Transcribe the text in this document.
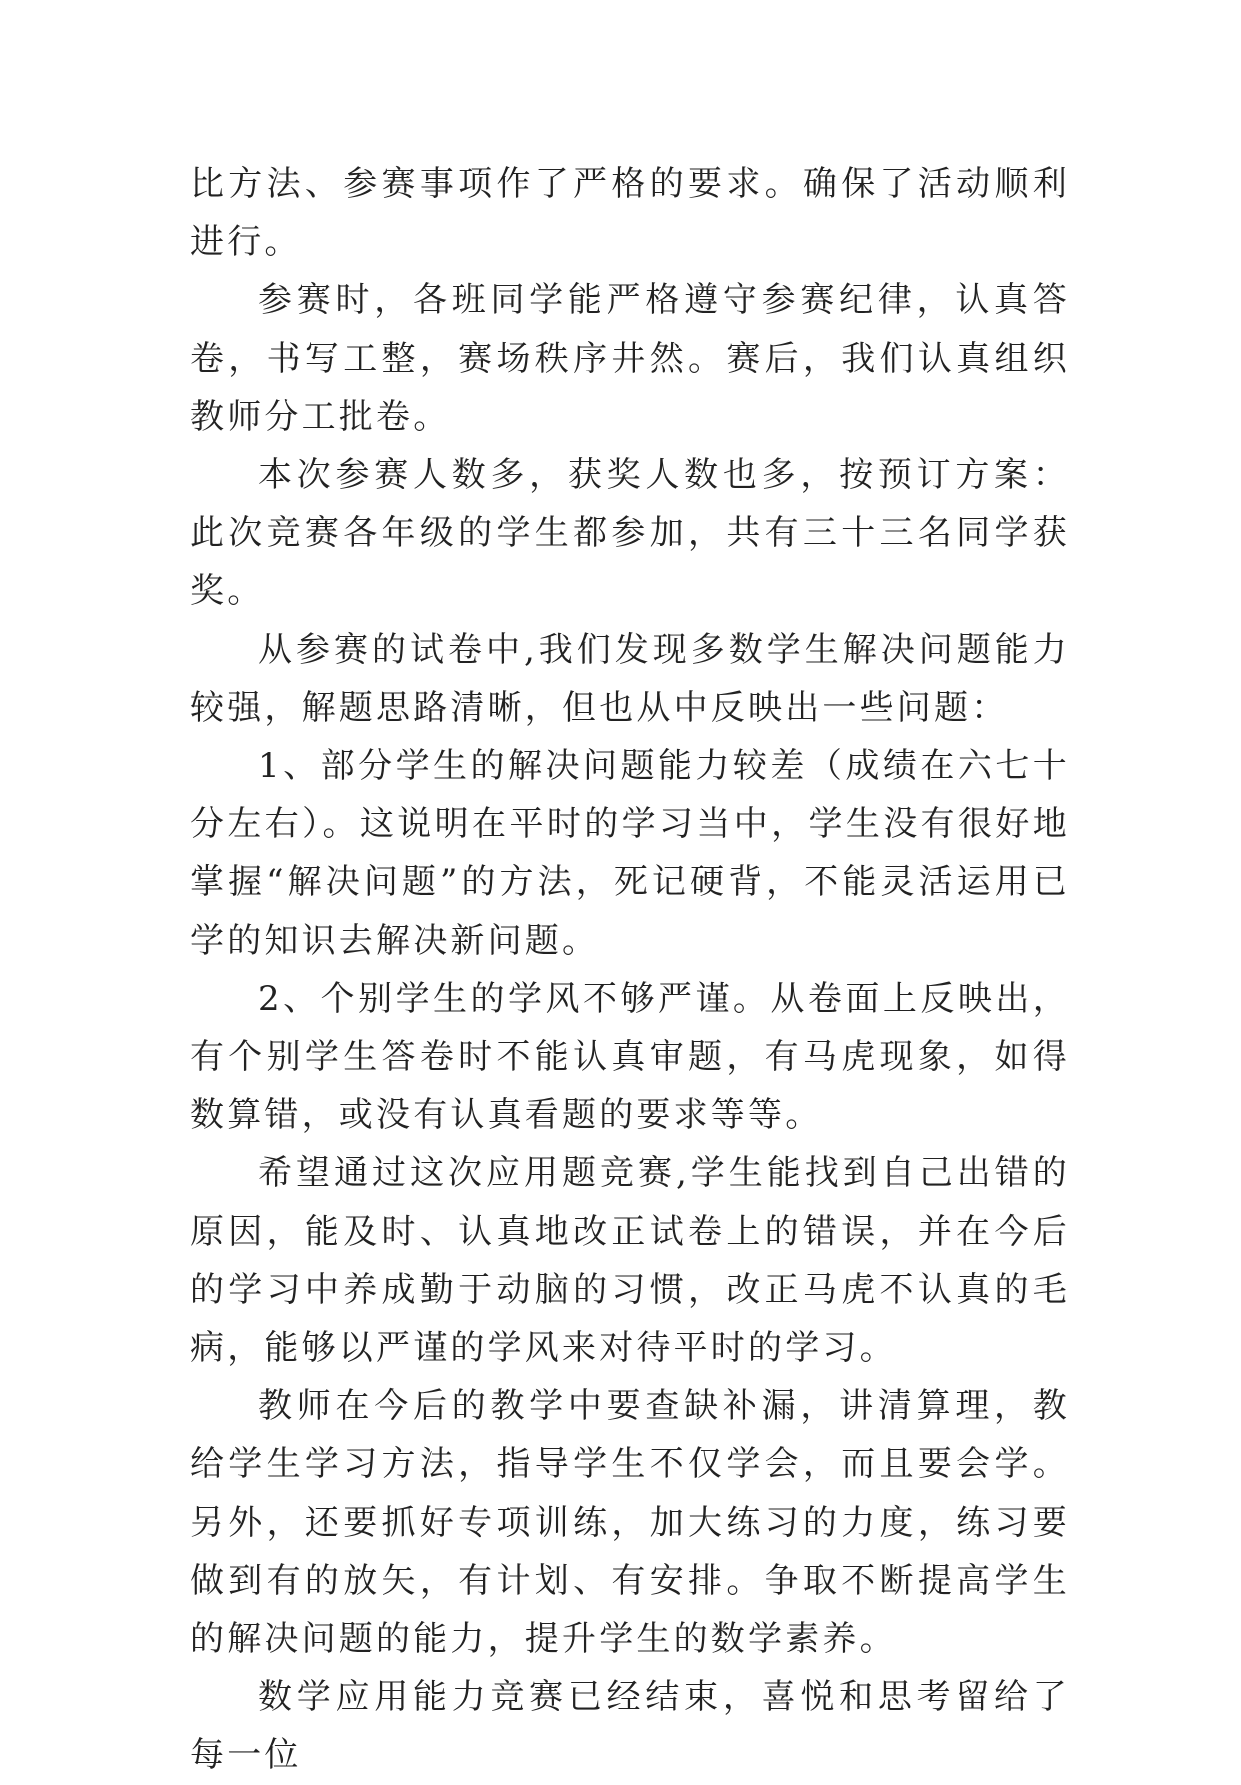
比方法、参赛事项作了严格的要求。确保了活动顺利进行。

参赛时，各班同学能严格遵守参赛纪律，认真答卷，书写工整，赛场秩序井然。赛后，我们认真组织教师分工批卷。

本次参赛人数多，获奖人数也多，按预订方案：此次竞赛各年级的学生都参加，共有三十三名同学获奖。

从参赛的试卷中,我们发现多数学生解决问题能力较强，解题思路清晰，但也从中反映出一些问题：

1、部分学生的解决问题能力较差（成绩在六七十分左右）。这说明在平时的学习当中，学生没有很好地掌握“解决问题”的方法，死记硬背，不能灵活运用已学的知识去解决新问题。

2、个别学生的学风不够严谨。从卷面上反映出，有个别学生答卷时不能认真审题，有马虎现象，如得数算错，或没有认真看题的要求等等。

希望通过这次应用题竞赛,学生能找到自己出错的原因，能及时、认真地改正试卷上的错误，并在今后的学习中养成勤于动脑的习惯，改正马虎不认真的毛病，能够以严谨的学风来对待平时的学习。

教师在今后的教学中要查缺补漏，讲清算理，教给学生学习方法，指导学生不仅学会，而且要会学。另外，还要抓好专项训练，加大练习的力度，练习要做到有的放矢，有计划、有安排。争取不断提高学生的解决问题的能力，提升学生的数学素养。

数学应用能力竞赛已经结束，喜悦和思考留给了每一位
